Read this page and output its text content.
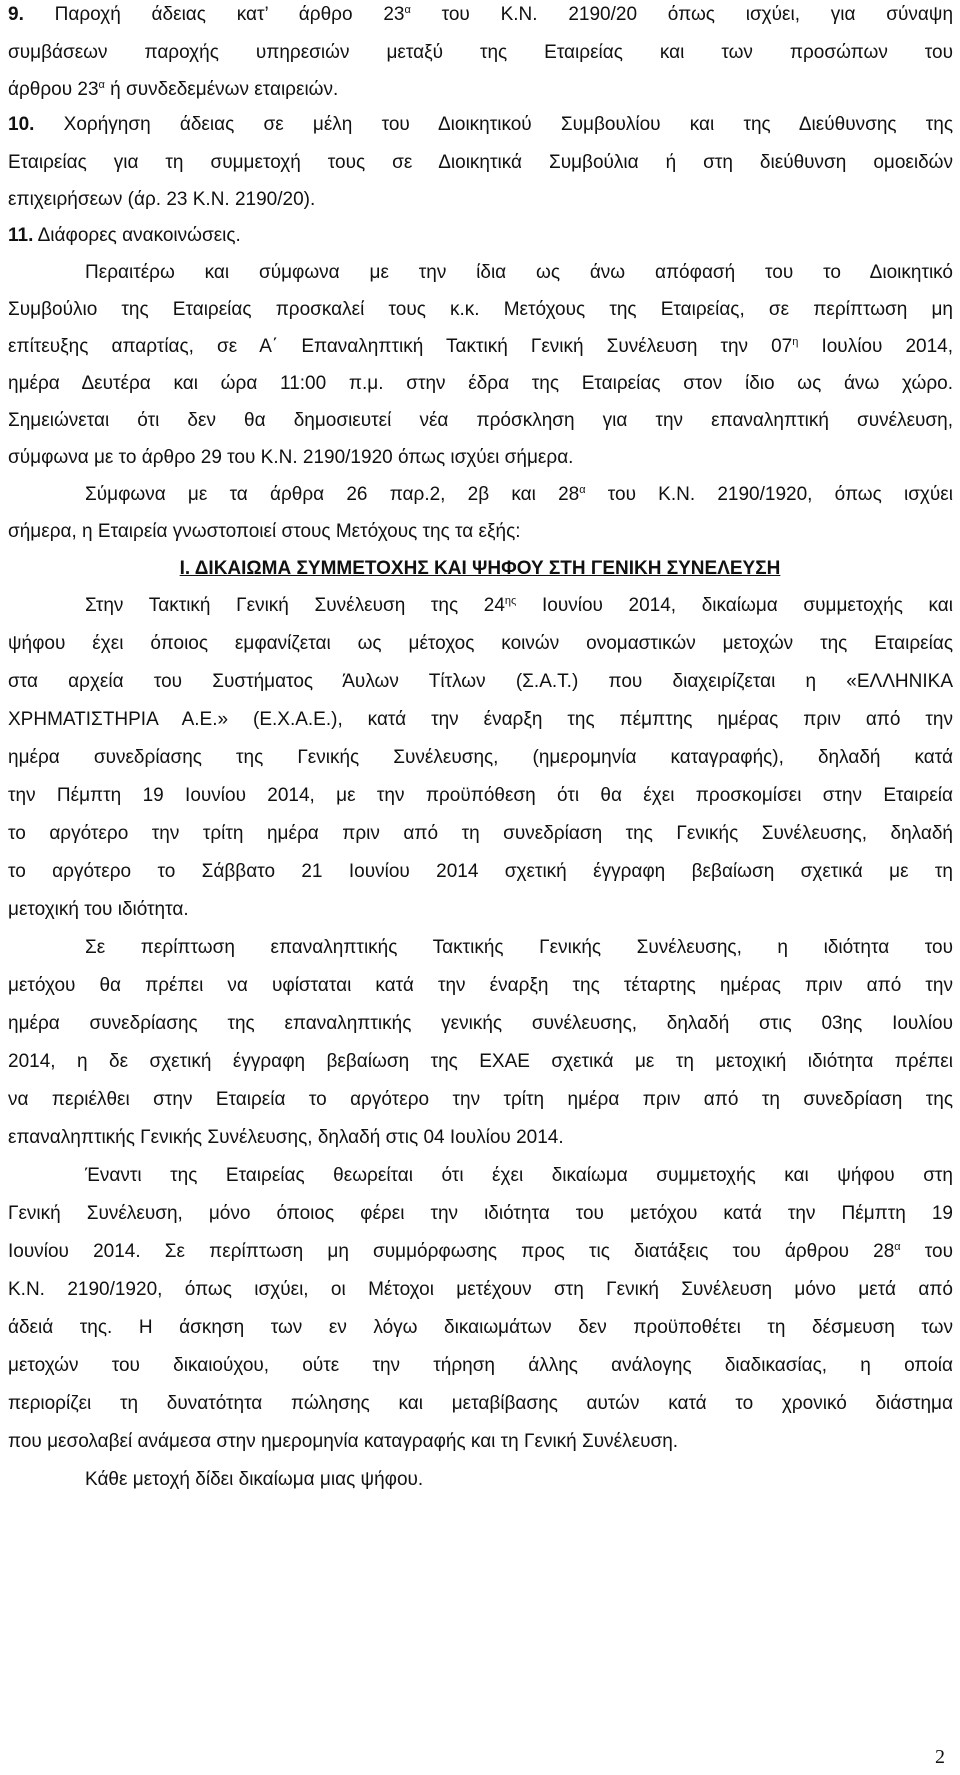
9. Παροχή άδειας κατ’ άρθρο $23^\alpha$ του Κ.Ν. 2190/20 όπως ισχύει, για σύναψη
συμβάσεων παροχής υπηρεσιών μεταξύ της Εταιρείας και των προσώπων του
άρθρου $23^\alpha$ ή συνδεδεμένων εταιρειών.
10. Χορήγηση άδειας σε μέλη του Διοικητικού Συμβουλίου και της Διεύθυνσης της
Εταιρείας για τη συμμετοχή τους σε Διοικητικά Συμβούλια ή στη διεύθυνση ομοειδών
επιχειρήσεων (άρ. 23 Κ.Ν. 2190/20).
11. Διάφορες ανακοινώσεις.
Περαιτέρω και σύμφωνα με την ίδια ως άνω απόφασή του το Διοικητικό
Συμβούλιο της Εταιρείας προσκαλεί τους κ.κ. Μετόχους της Εταιρείας, σε περίπτωση μη
επίτευξης απαρτίας, σε Α΄ Επαναληπτική Τακτική Γενική Συνέλευση την $07^\eta$ Ιουλίου 2014,
ημέρα Δευτέρα και ώρα 11:00 π.μ. στην έδρα της Εταιρείας στον ίδιο ως άνω χώρο.
Σημειώνεται ότι δεν θα δημοσιευτεί νέα πρόσκληση για την επαναληπτική συνέλευση,
σύμφωνα με το άρθρο 29 του Κ.Ν. 2190/1920 όπως ισχύει σήμερα.
Σύμφωνα με τα άρθρα 26 παρ.2, 2β και $28^\alpha$ του Κ.Ν. 2190/1920, όπως ισχύει
σήμερα, η Εταιρεία γνωστοποιεί στους Μετόχους της τα εξής:
Ι. ΔΙΚΑΙΩΜΑ ΣΥΜΜΕΤΟΧΗΣ ΚΑΙ ΨΗΦΟΥ ΣΤΗ ΓΕΝΙΚΗ ΣΥΝΕΛΕΥΣΗ
Στην Τακτική Γενική Συνέλευση της $24^{\eta\varsigma}$ Ιουνίου 2014, δικαίωμα συμμετοχής και
ψήφου έχει όποιος εμφανίζεται ως μέτοχος κοινών ονομαστικών μετοχών της Εταιρείας
στα αρχεία του Συστήματος Άυλων Τίτλων (Σ.Α.Τ.) που διαχειρίζεται η «ΕΛΛΗΝΙΚΑ
ΧΡΗΜΑΤΙΣΤΗΡΙΑ Α.Ε.» (Ε.Χ.Α.Ε.), κατά την έναρξη της πέμπτης ημέρας πριν από την
ημέρα συνεδρίασης της Γενικής Συνέλευσης, (ημερομηνία καταγραφής), δηλαδή κατά
την Πέμπτη 19 Ιουνίου 2014, με την προϋπόθεση ότι θα έχει προσκομίσει στην Εταιρεία
το αργότερο την τρίτη ημέρα πριν από τη συνεδρίαση της Γενικής Συνέλευσης, δηλαδή
το αργότερο το Σάββατο 21 Ιουνίου 2014 σχετική έγγραφη βεβαίωση σχετικά με τη
μετοχική του ιδιότητα.
Σε περίπτωση επαναληπτικής Τακτικής Γενικής Συνέλευσης, η ιδιότητα του
μετόχου θα πρέπει να υφίσταται κατά την έναρξη της τέταρτης ημέρας πριν από την
ημέρα συνεδρίασης της επαναληπτικής γενικής συνέλευσης, δηλαδή στις 03ης Ιουλίου
2014, η δε σχετική έγγραφη βεβαίωση της ΕΧΑΕ σχετικά με τη μετοχική ιδιότητα πρέπει
να περιέλθει στην Εταιρεία το αργότερο την τρίτη ημέρα πριν από τη συνεδρίαση της
επαναληπτικής Γενικής Συνέλευσης, δηλαδή στις 04 Ιουλίου 2014.
Έναντι της Εταιρείας θεωρείται ότι έχει δικαίωμα συμμετοχής και ψήφου στη
Γενική Συνέλευση, μόνο όποιος φέρει την ιδιότητα του μετόχου κατά την Πέμπτη 19
Ιουνίου 2014. Σε περίπτωση μη συμμόρφωσης προς τις διατάξεις του άρθρου $28^\alpha$ του
Κ.Ν. 2190/1920, όπως ισχύει, οι Μέτοχοι μετέχουν στη Γενική Συνέλευση μόνο μετά από
άδειά της. Η άσκηση των εν λόγω δικαιωμάτων δεν προϋποθέτει τη δέσμευση των
μετοχών του δικαιούχου, ούτε την τήρηση άλλης ανάλογης διαδικασίας, η οποία
περιορίζει τη δυνατότητα πώλησης και μεταβίβασης αυτών κατά το χρονικό διάστημα
που μεσολαβεί ανάμεσα στην ημερομηνία καταγραφής και τη Γενική Συνέλευση.
Κάθε μετοχή δίδει δικαίωμα μιας ψήφου.
2
